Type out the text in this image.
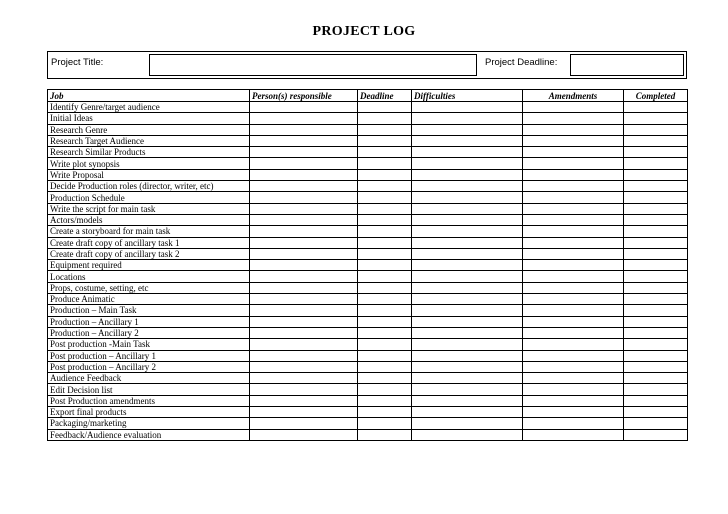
PROJECT LOG
Project Title:	Project Deadline:
Job	Person(s) responsible	Deadline	Difficulties	Amendments	Completed
Identify Genre/target audience					
Initial Ideas					
Research Genre					
Research Target Audience					
Research Similar Products					
Write plot synopsis					
Write Proposal					
Decide Production roles (director, writer, etc)					
Production Schedule					
Write the script for main task					
Actors/models					
Create a storyboard for main task					
Create draft copy of ancillary task 1					
Create draft copy of ancillary task 2					
Equipment required					
Locations					
Props, costume, setting, etc					
Produce Animatic					
Production – Main Task					
Production – Ancillary 1					
Production – Ancillary 2					
Post production -Main Task					
Post production – Ancillary 1					
Post production – Ancillary 2					
Audience Feedback					
Edit Decision list					
Post Production amendments					
Export final products					
Packaging/marketing					
Feedback/Audience evaluation					
